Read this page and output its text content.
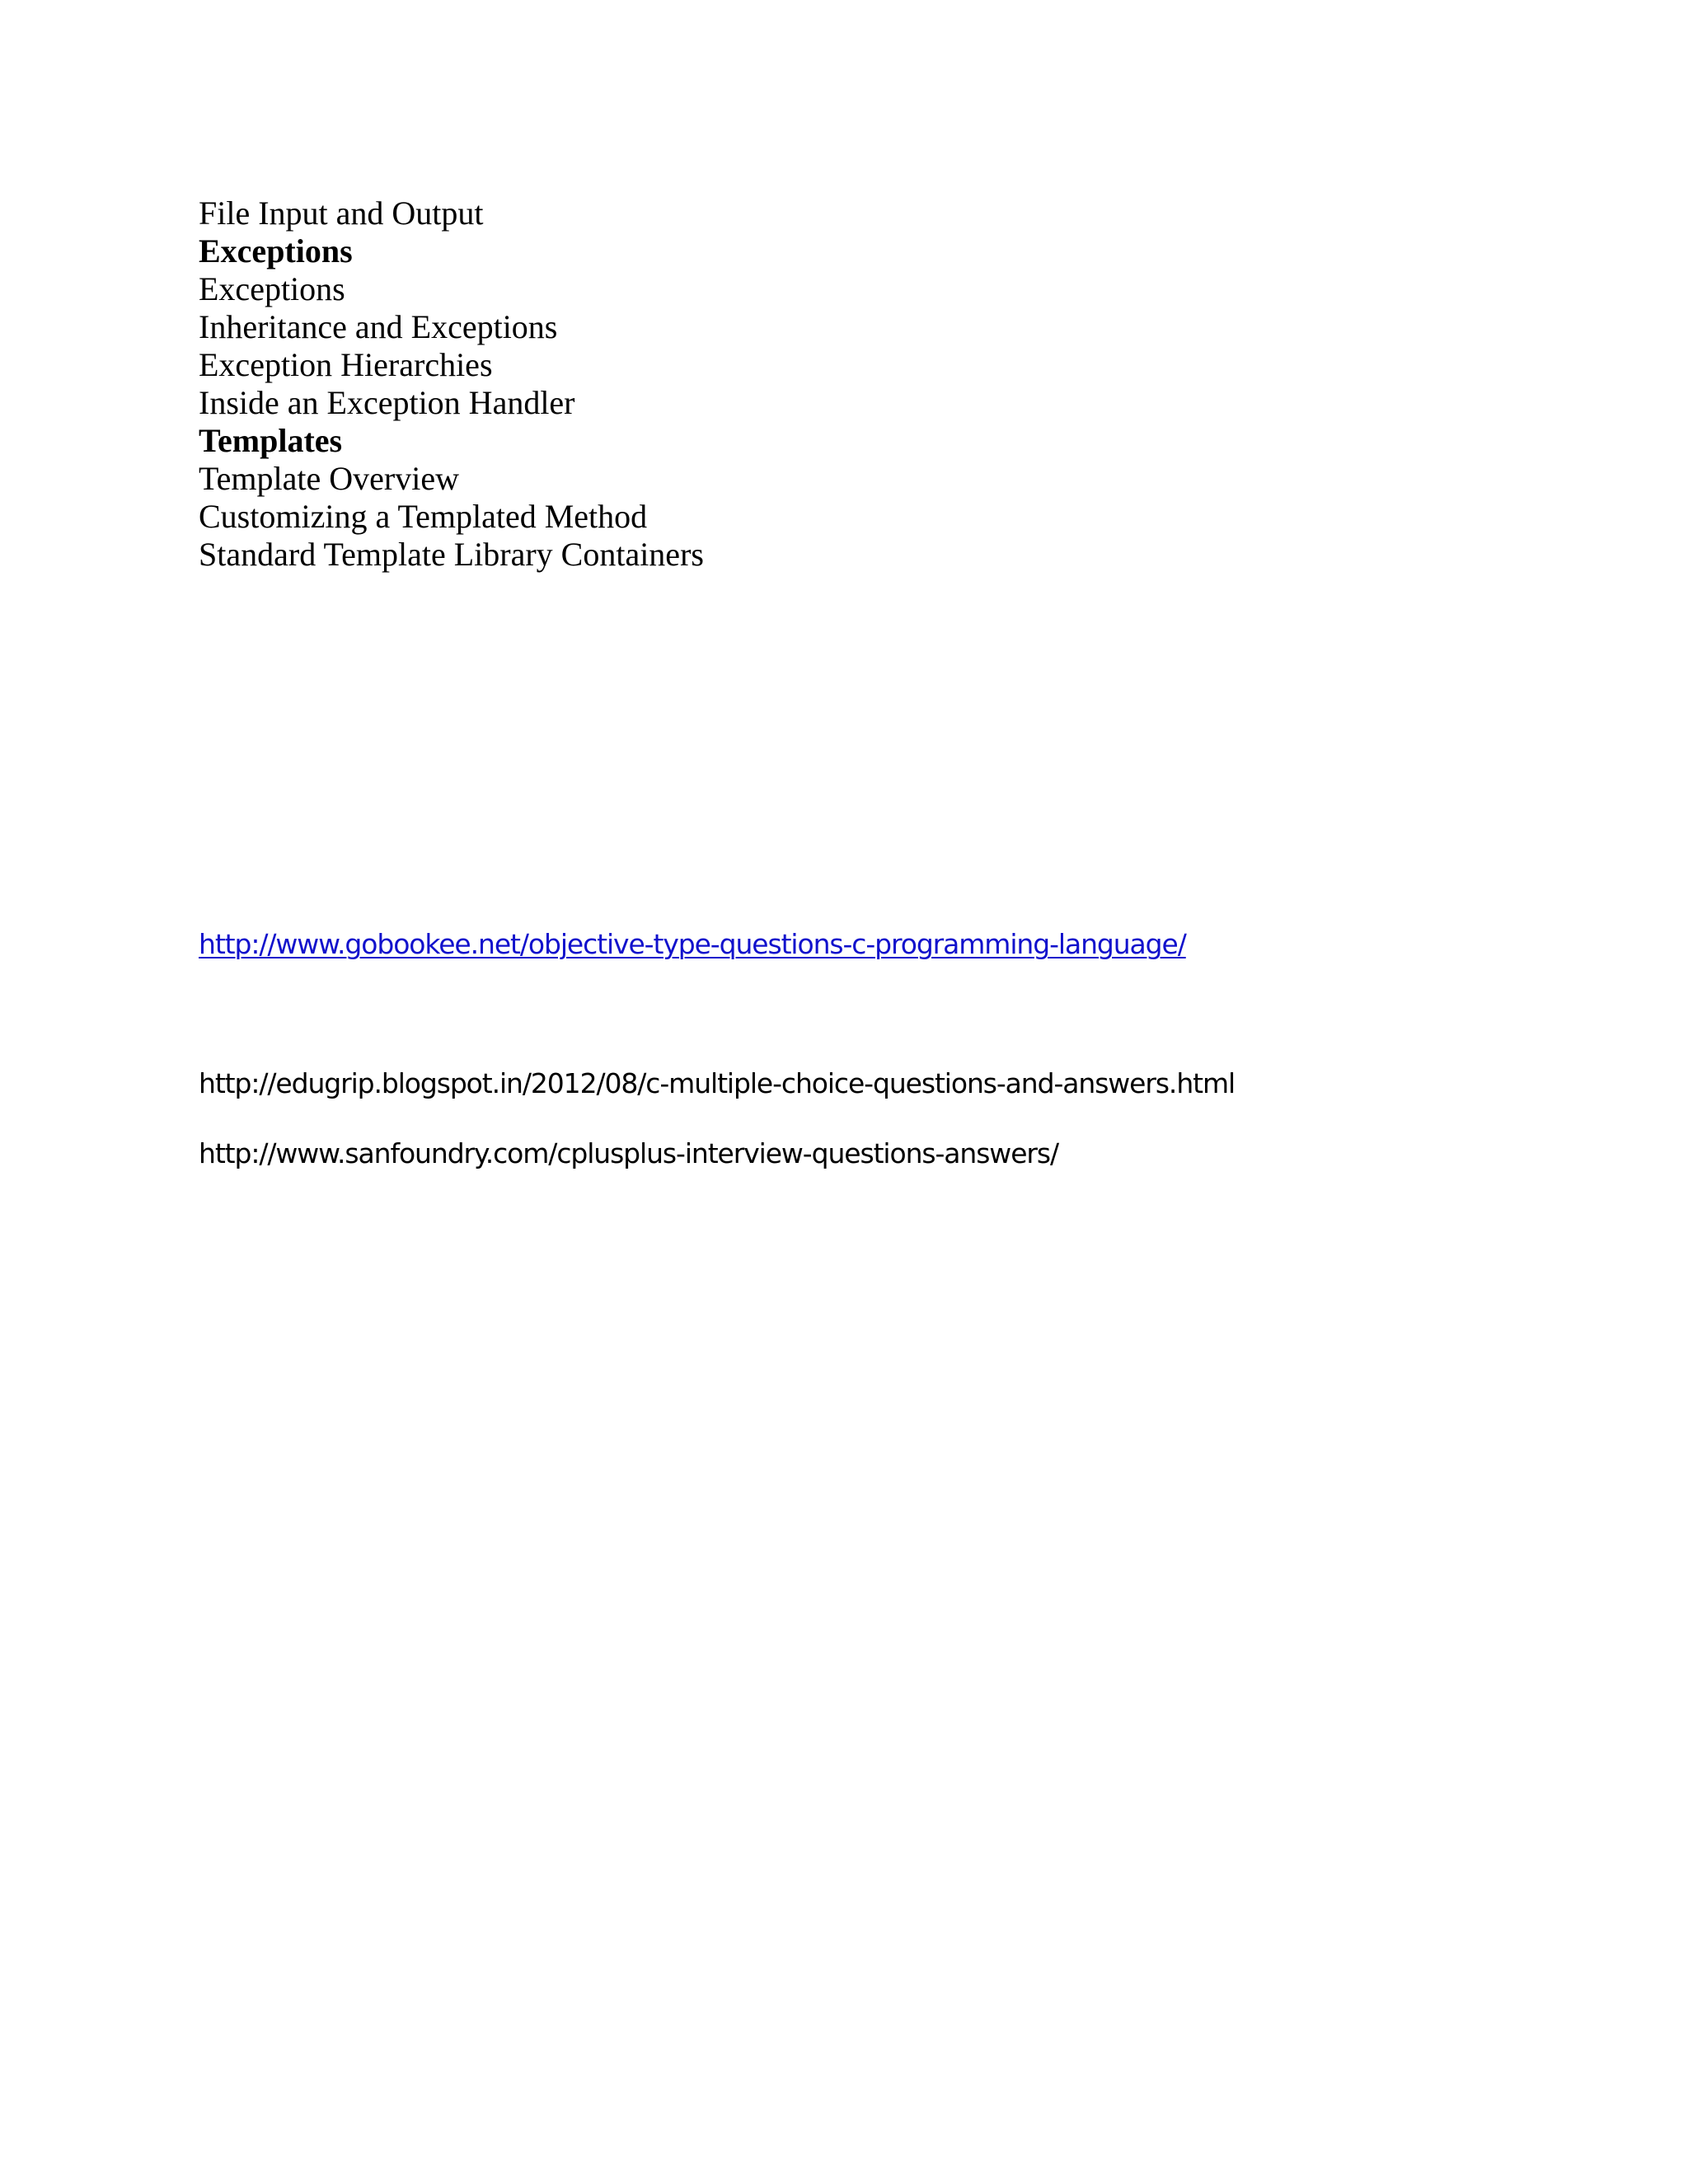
File Input and Output
Exceptions
Exceptions
Inheritance and Exceptions
Exception Hierarchies
Inside an Exception Handler
Templates
Template Overview
Customizing a Templated Method
Standard Template Library Containers
http://www.gobookee.net/objective-type-questions-c-programming-language/
http://edugrip.blogspot.in/2012/08/c-multiple-choice-questions-and-answers.html
http://www.sanfoundry.com/cplusplus-interview-questions-answers/
